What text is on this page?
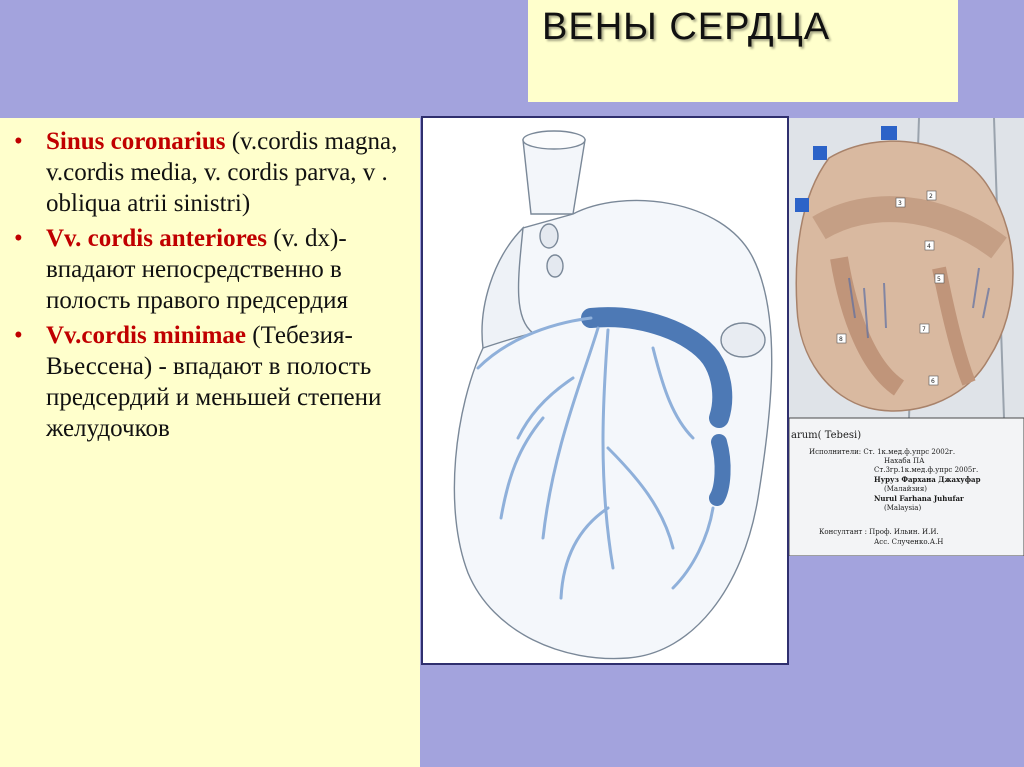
ВЕНЫ СЕРДЦА
• Sinus coronarius (v.cordis magna, v.cordis media, v. cordis parva, v . obliqua atrii sinistri)
• Vv. cordis anteriores (v. dx)- впадают непосредственно в полость правого предсердия
• Vv.cordis minimae (Тебезия-Вьессена) - впадают в полость предсердий и меньшей степени желудочков
2
3
4
5
6
7
8
arum( Tebesi)
Исполнители: Ст. 1к.мед.ф.упрс 2002г.
Нахаба ПА
Ст.3гр.1к.мед.ф.упрс 2005г.
Нуруз Фархана Джахуфар
(Малайзия)
Nurul Farhana Juhufar
(Malaysia)
Консултант : Проф. Ильин. И.И.
Асс. Слученко.А.Н
